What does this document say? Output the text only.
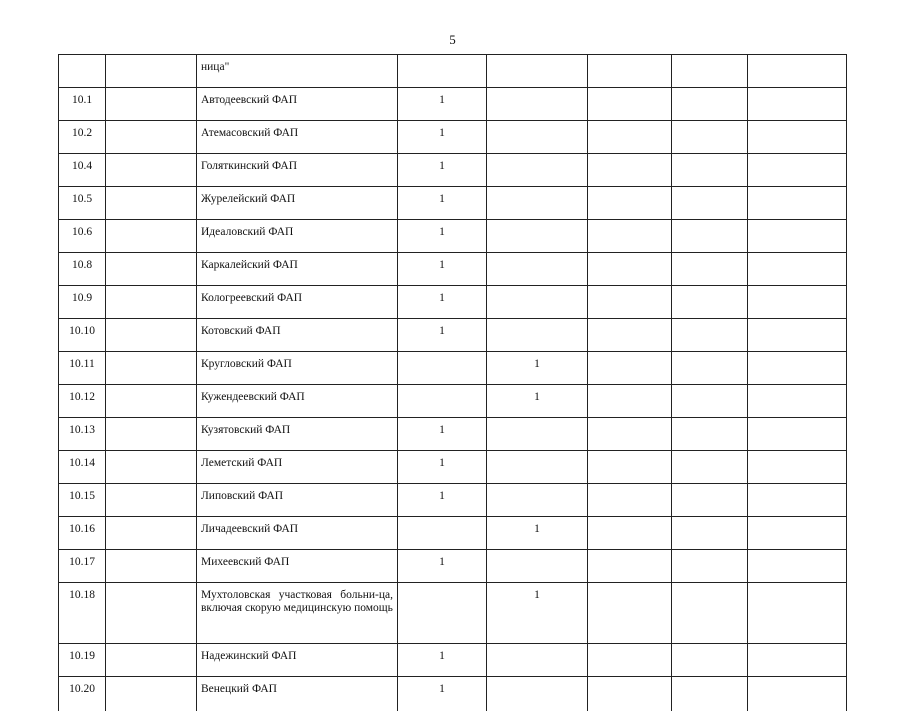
5
		ница"					
10.1		Автодеевский ФАП	1				
10.2		Атемасовский ФАП	1				
10.4		Голяткинский ФАП	1				
10.5		Журелейский ФАП	1				
10.6		Идеаловский ФАП	1				
10.8		Каркалейский ФАП	1				
10.9		Кологреевский ФАП	1				
10.10		Котовский ФАП	1				
10.11		Кругловский ФАП		1			
10.12		Кужендеевский ФАП		1			
10.13		Кузятовский ФАП	1				
10.14		Леметский ФАП	1				
10.15		Липовский ФАП	1				
10.16		Личадеевский ФАП		1			
10.17		Михеевский ФАП	1				
10.18		Мухтоловская участковая больни-ца, включая скорую медицинскую помощь		1			
10.19		Надежинский ФАП	1				
10.20		Венецкий ФАП	1				
